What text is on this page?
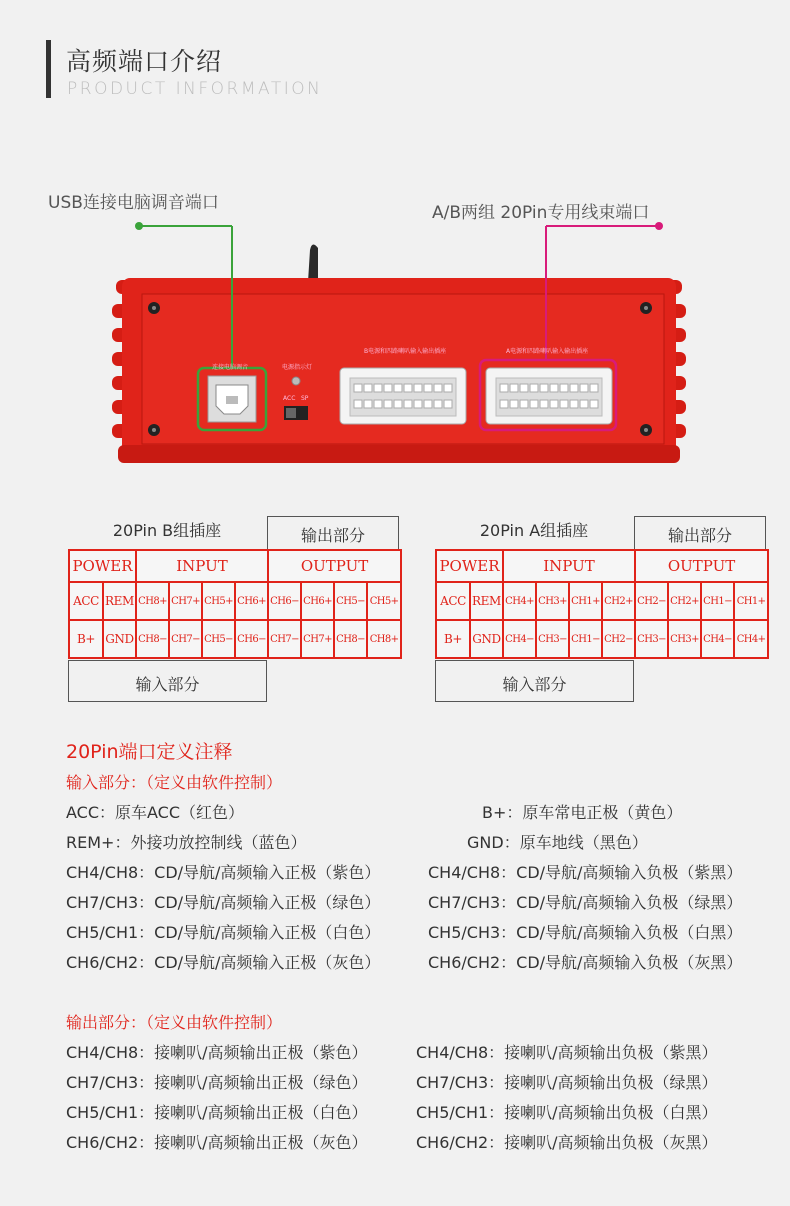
高频端口介绍
PRODUCT INFORMATION
USB连接电脑调音端口	A/B两组 20Pin专用线束端口
连接电脑调音	电源指示灯
ACC SP
B电源和四路喇叭输入输出插座	A电源和四路喇叭输入输出插座
20Pin B组插座	输出部分
输入部分
POWER		INPUT				OUTPUT			
ACC	REM	CH8+	CH7+	CH5+	CH6+	CH6−	CH6+	CH5−	CH5+
B+	GND	CH8−	CH7−	CH5−	CH6−	CH7−	CH7+	CH8−	CH8+
20Pin A组插座	输出部分
输入部分
POWER		INPUT				OUTPUT			
ACC	REM	CH4+	CH3+	CH1+	CH2+	CH2−	CH2+	CH1−	CH1+
B+	GND	CH4−	CH3−	CH1−	CH2−	CH3−	CH3+	CH4−	CH4+
20Pin端口定义注释
输入部分：（定义由软件控制）
ACC：原车ACC（红色）	B+：原车常电正极（黄色）
REM+：外接功放控制线（蓝色）	GND：原车地线（黑色）
CH4/CH8：CD/导航/高频输入正极（紫色）	CH4/CH8：CD/导航/高频输入负极（紫黑）
CH7/CH3：CD/导航/高频输入正极（绿色）	CH7/CH3：CD/导航/高频输入负极（绿黑）
CH5/CH1：CD/导航/高频输入正极（白色）	CH5/CH3：CD/导航/高频输入负极（白黑）
CH6/CH2：CD/导航/高频输入正极（灰色）	CH6/CH2：CD/导航/高频输入负极（灰黑）
输出部分：（定义由软件控制）
CH4/CH8：接喇叭/高频输出正极（紫色）	CH4/CH8：接喇叭/高频输出负极（紫黑）
CH7/CH3：接喇叭/高频输出正极（绿色）	CH7/CH3：接喇叭/高频输出负极（绿黑）
CH5/CH1：接喇叭/高频输出正极（白色）	CH5/CH1：接喇叭/高频输出负极（白黑）
CH6/CH2：接喇叭/高频输出正极（灰色）	CH6/CH2：接喇叭/高频输出负极（灰黑）
